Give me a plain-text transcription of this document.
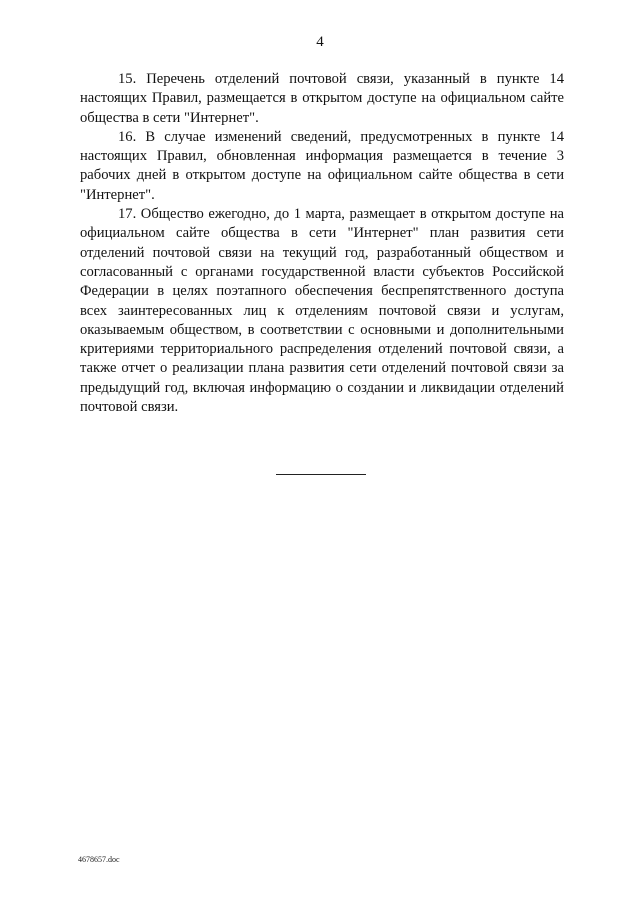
4

15. Перечень отделений почтовой связи, указанный в пункте 14 настоящих Правил, размещается в открытом доступе на официальном сайте общества в сети "Интернет".

16. В случае изменений сведений, предусмотренных в пункте 14 настоящих Правил, обновленная информация размещается в течение 3 рабочих дней в открытом доступе на официальном сайте общества в сети "Интернет".

17. Общество ежегодно, до 1 марта, размещает в открытом доступе на официальном сайте общества в сети "Интернет" план развития сети отделений почтовой связи на текущий год, разработанный обществом и согласованный с органами государственной власти субъектов Российской Федерации в целях поэтапного обеспечения беспрепятственного доступа всех заинтересованных лиц к отделениям почтовой связи и услугам, оказываемым обществом, в соответствии с основными и дополнительными критериями территориального распределения отделений почтовой связи, а также отчет о реализации плана развития сети отделений почтовой связи за предыдущий год, включая информацию о создании и ликвидации отделений почтовой связи.

4678657.doc
